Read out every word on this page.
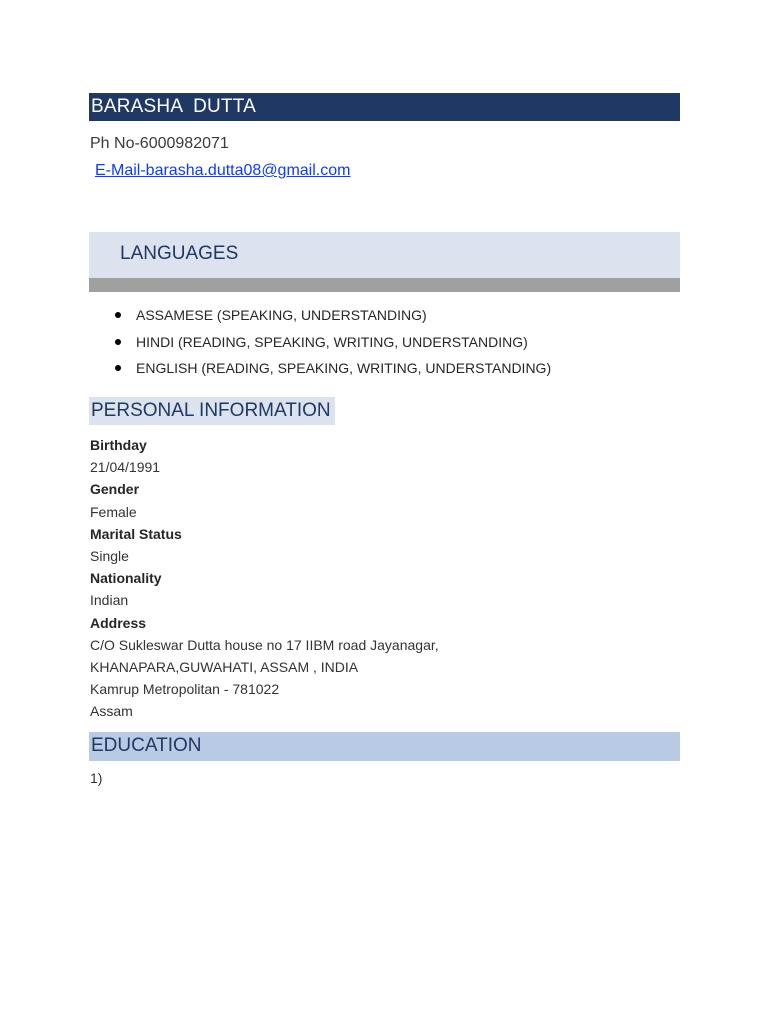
BARASHA  DUTTA
Ph No-6000982071
E-Mail-barasha.dutta08@gmail.com
LANGUAGES
ASSAMESE (SPEAKING, UNDERSTANDING)
HINDI (READING, SPEAKING, WRITING, UNDERSTANDING)
ENGLISH (READING, SPEAKING, WRITING, UNDERSTANDING)
PERSONAL INFORMATION
Birthday
21/04/1991
Gender
Female
Marital Status
Single
Nationality
Indian
Address
C/O Sukleswar Dutta house no 17 IIBM road Jayanagar,
KHANAPARA,GUWAHATI, ASSAM , INDIA
Kamrup Metropolitan - 781022
Assam
EDUCATION
1)
